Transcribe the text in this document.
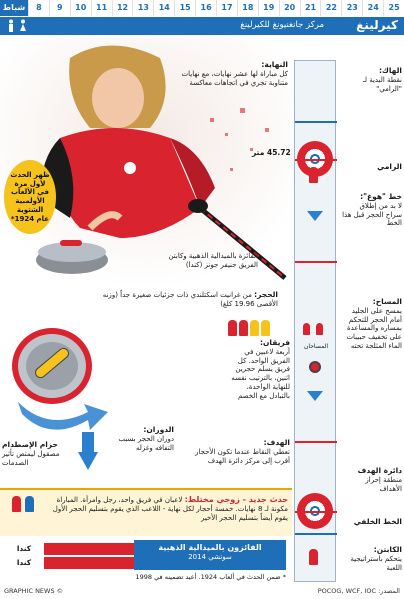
شباط	8	9	10	11	12	13	14	15	16	17	18	19	20	21	22	23	24	25
كيرلينغ
مركز جانغنيونغ للكيرلينغ
ظهر الحدث لأول مرة في الألعاب الأولمبية الشتوية عام 1924*
النهاية:
كل مباراة لها عشر نهايات، مع نهايات متناوبة تجري في اتجاهات معاكسة
الفائزة بالميدالية الذهبية وكابتن الفريق جنيفر جونز (كندا)
الحجر: من غرانيت اسكتلندي ذات جزئيات صغيرة جداً (وزنه الأقصى 19.96 كلغ)
حزام الإصطدام
مصقول ليمتص تأثير الصدمات
الدوران:
دوران الحجر بسبب التفافه وغزله
فريقان:
أربعة لاعبين في الفريق الواحد. كل فريق يسلم حجرين اثنين، بالترتيب نفسه للنهاية الواحدة، بالتبادل مع الخصم
الهدف:
تعطي النقاط عندما تكون الأحجار أقرب إلى مركز دائرة الهدف
المساحان
45.72 متر
الهاك:
نقطة البدية لـ "الرامي"
الرامي
خط "هوغ":
لا بد من إطلاق سراح الحجر قبل هذا الخط
المساح:
يمسح على الجليد أمام الحجر للتحكم بمساره والمساعدة على تخفيف حبيبات الماء المثلجة تحته
دائرة الهدف
منطقة إحراز الأهداف
الخط الخلفي
الكابتن:
يتحكم باستراتيجية اللعبة
حدث جديد - زوجي مختلط: لاعبان في فريق واحد، رجل وامرأة. المباراة مكونة لـ 8 نهايات. خمسة أحجار لكل نهاية - اللاعب الذي يقوم بتسليم الحجر الأول يقوم أيضاً بتسليم الحجر الأخير
الفائزون بالميدالية الذهبية
سوتشي 2014
كندا
كندا
* ضمن الحدث في ألعاب 1924. أعيد تضمينه في 1998
© GRAPHIC NEWS	المصدر: POCOG, WCF, IOC
